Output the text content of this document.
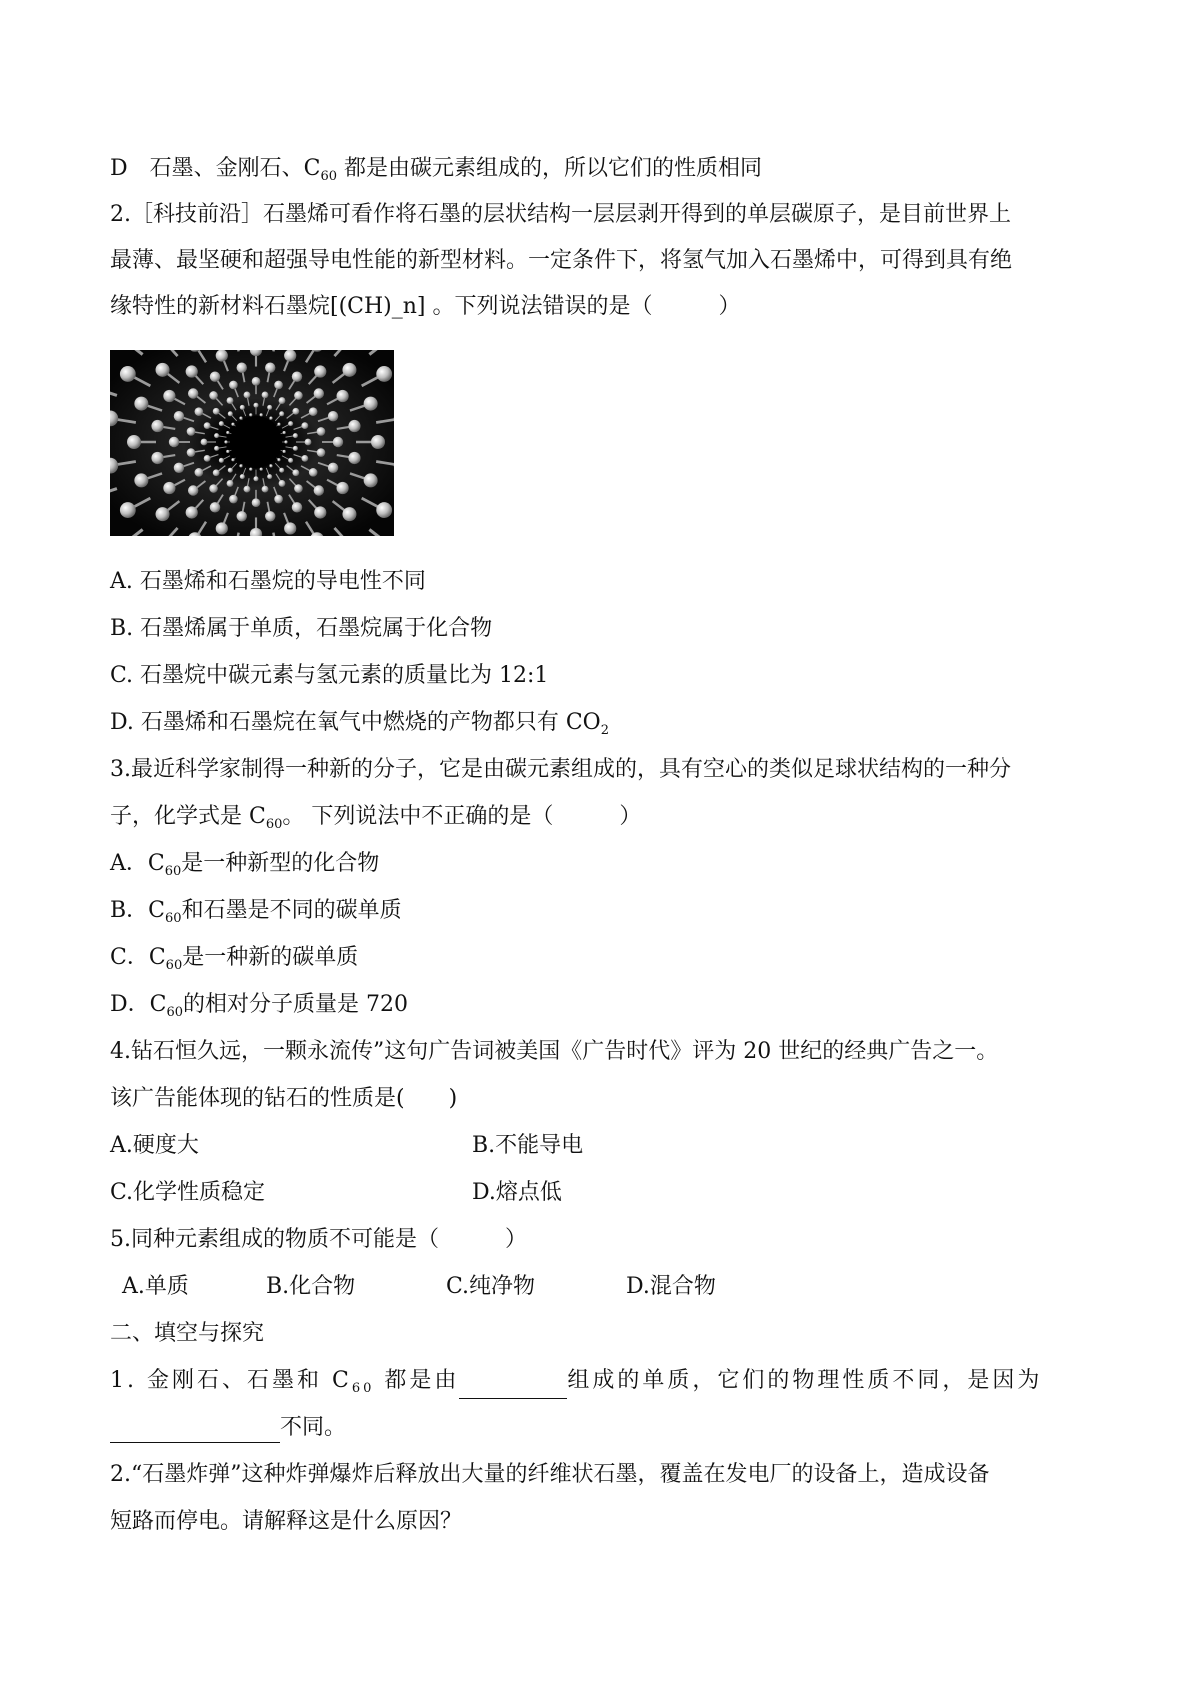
D　石墨、金刚石、$C_{60}$ 都是由碳元素组成的，所以它们的性质相同
2.［科技前沿］石墨烯可看作将石墨的层状结构一层层剥开得到的单层碳原子，是目前世界上
最薄、最坚硬和超强导电性能的新型材料。一定条件下，将氢气加入石墨烯中，可得到具有绝
缘特性的新材料石墨烷[(CH)_n] 。下列说法错误的是（　　　）
A. 石墨烯和石墨烷的导电性不同
B. 石墨烯属于单质，石墨烷属于化合物
C. 石墨烷中碳元素与氢元素的质量比为 12:1
D. 石墨烯和石墨烷在氧气中燃烧的产物都只有 $CO_2$
3.最近科学家制得一种新的分子，它是由碳元素组成的，具有空心的类似足球状结构的一种分
子，化学式是 $C_{60}$。 下列说法中不正确的是（　　　）
A．$C_{60}$是一种新型的化合物
B．$C_{60}$和石墨是不同的碳单质
C．$C_{60}$是一种新的碳单质
D．$C_{60}$的相对分子质量是 720
4.钻石恒久远，一颗永流传”这句广告词被美国《广告时代》评为 20 世纪的经典广告之一。
该广告能体现的钻石的性质是(　　)
A.硬度大	B.不能导电
C.化学性质稳定	D.熔点低
5.同种元素组成的物质不可能是（　　　）
A.单质	B.化合物	C.纯净物	D.混合物
二、填空与探究
1. 金刚石、石墨和 $C_{60}$ 都是由	组成的单质，它们的物理性质不同，是因为
不同。
2.“石墨炸弹”这种炸弹爆炸后释放出大量的纤维状石墨，覆盖在发电厂的设备上，造成设备
短路而停电。请解释这是什么原因？
